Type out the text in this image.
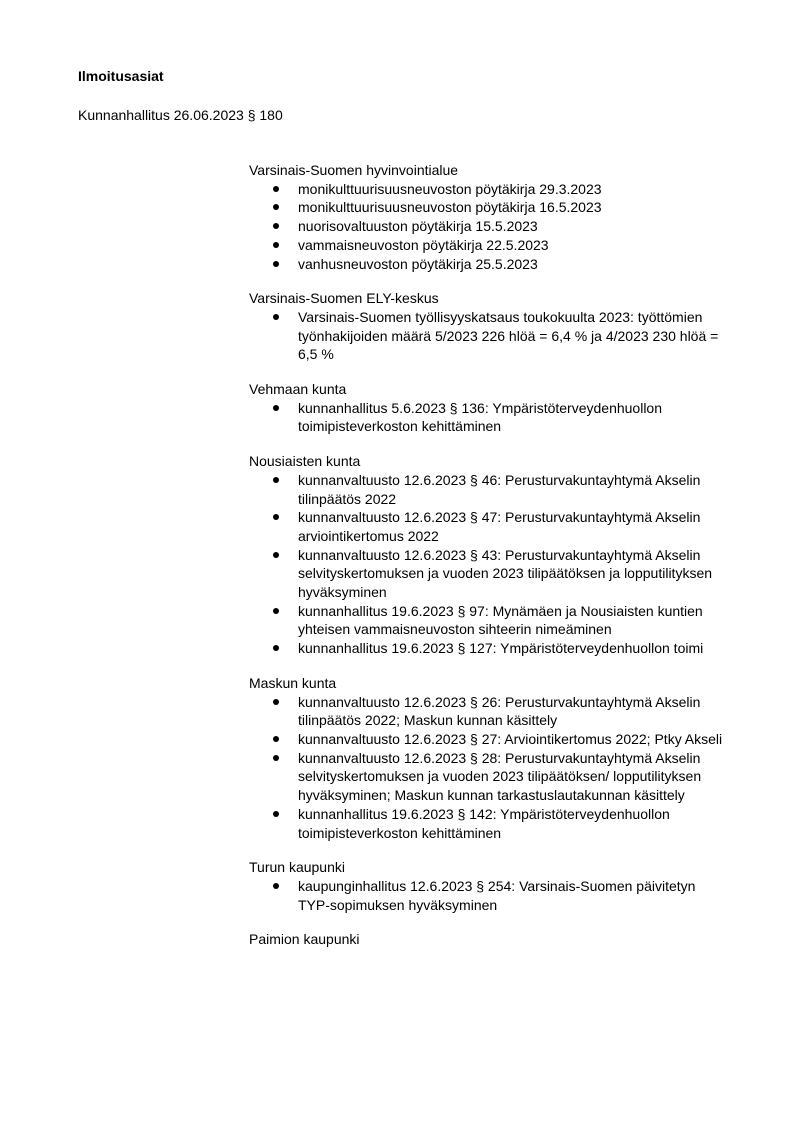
Ilmoitusasiat

Kunnanhallitus 26.06.2023 § 180

Varsinais-Suomen hyvinvointialue

monikulttuurisuusneuvoston pöytäkirja 29.3.2023
monikulttuurisuusneuvoston pöytäkirja 16.5.2023
nuorisovaltuuston pöytäkirja 15.5.2023
vammaisneuvoston pöytäkirja 22.5.2023
vanhusneuvoston pöytäkirja 25.5.2023

Varsinais-Suomen ELY-keskus

Varsinais-Suomen työllisyyskatsaus toukokuulta 2023: työttömien työnhakijoiden määrä 5/2023 226 hlöä = 6,4 % ja 4/2023 230 hlöä = 6,5 %

Vehmaan kunta

kunnanhallitus 5.6.2023 § 136: Ympäristöterveydenhuollon toimipisteverkoston kehittäminen

Nousiaisten kunta

kunnanvaltuusto 12.6.2023 § 46: Perusturvakuntayhtymä Akselin tilinpäätös 2022
kunnanvaltuusto 12.6.2023 § 47: Perusturvakuntayhtymä Akselin arviointikertomus 2022
kunnanvaltuusto 12.6.2023 § 43: Perusturvakuntayhtymä Akselin selvityskertomuksen ja vuoden 2023 tilipäätöksen ja lopputilityksen hyväksyminen
kunnanhallitus 19.6.2023 § 97: Mynämäen ja Nousiaisten kuntien yhteisen vammaisneuvoston sihteerin nimeäminen
kunnanhallitus 19.6.2023 § 127: Ympäristöterveydenhuollon toimi

Maskun kunta

kunnanvaltuusto 12.6.2023 § 26: Perusturvakuntayhtymä Akselin tilinpäätös 2022; Maskun kunnan käsittely
kunnanvaltuusto 12.6.2023 § 27: Arviointikertomus 2022; Ptky Akseli
kunnanvaltuusto 12.6.2023 § 28: Perusturvakuntayhtymä Akselin selvityskertomuksen ja vuoden 2023 tilipäätöksen/ lopputilityksen hyväksyminen; Maskun kunnan tarkastuslautakunnan käsittely
kunnanhallitus 19.6.2023 § 142: Ympäristöterveydenhuollon toimipisteverkoston kehittäminen

Turun kaupunki

kaupunginhallitus 12.6.2023 § 254: Varsinais-Suomen päivitetyn TYP-sopimuksen hyväksyminen

Paimion kaupunki
